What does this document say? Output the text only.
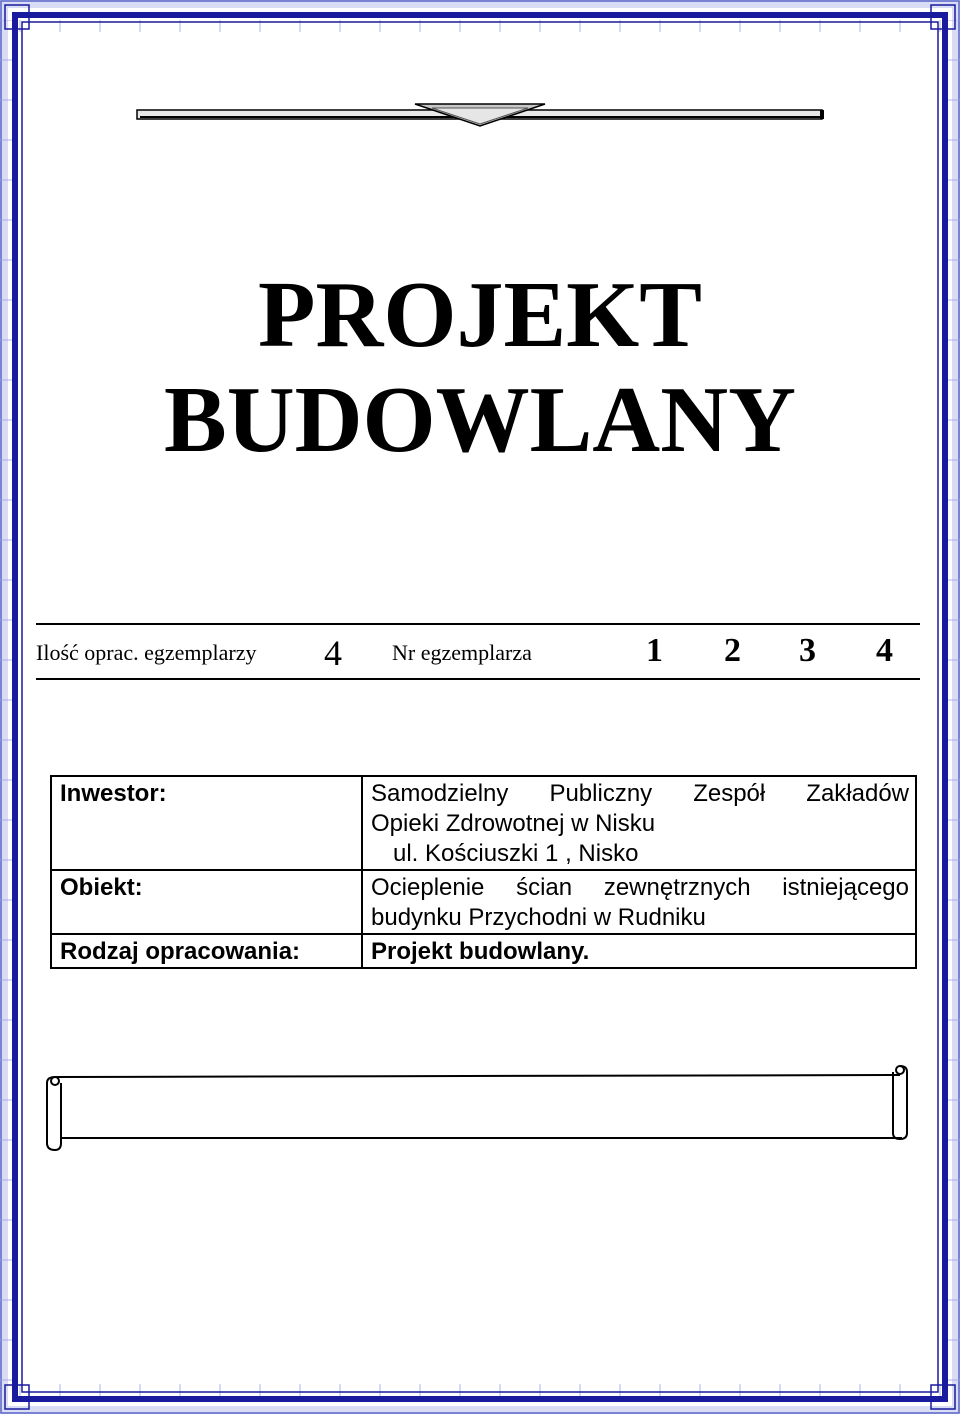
PROJEKT
BUDOWLANY
Ilość oprac. egzemplarzy 4 Nr egzemplarza	1 2 3 4
Inwestor:	Samodzielny Publiczny Zespół Zakładów
Opieki Zdrowotnej w Nisku
ul. Kościuszki 1 , Nisko

Obiekt:	Ocieplenie ścian zewnętrznych istniejącego
budynku Przychodni w Rudniku

Rodzaj opracowania:	Projekt budowlany.
